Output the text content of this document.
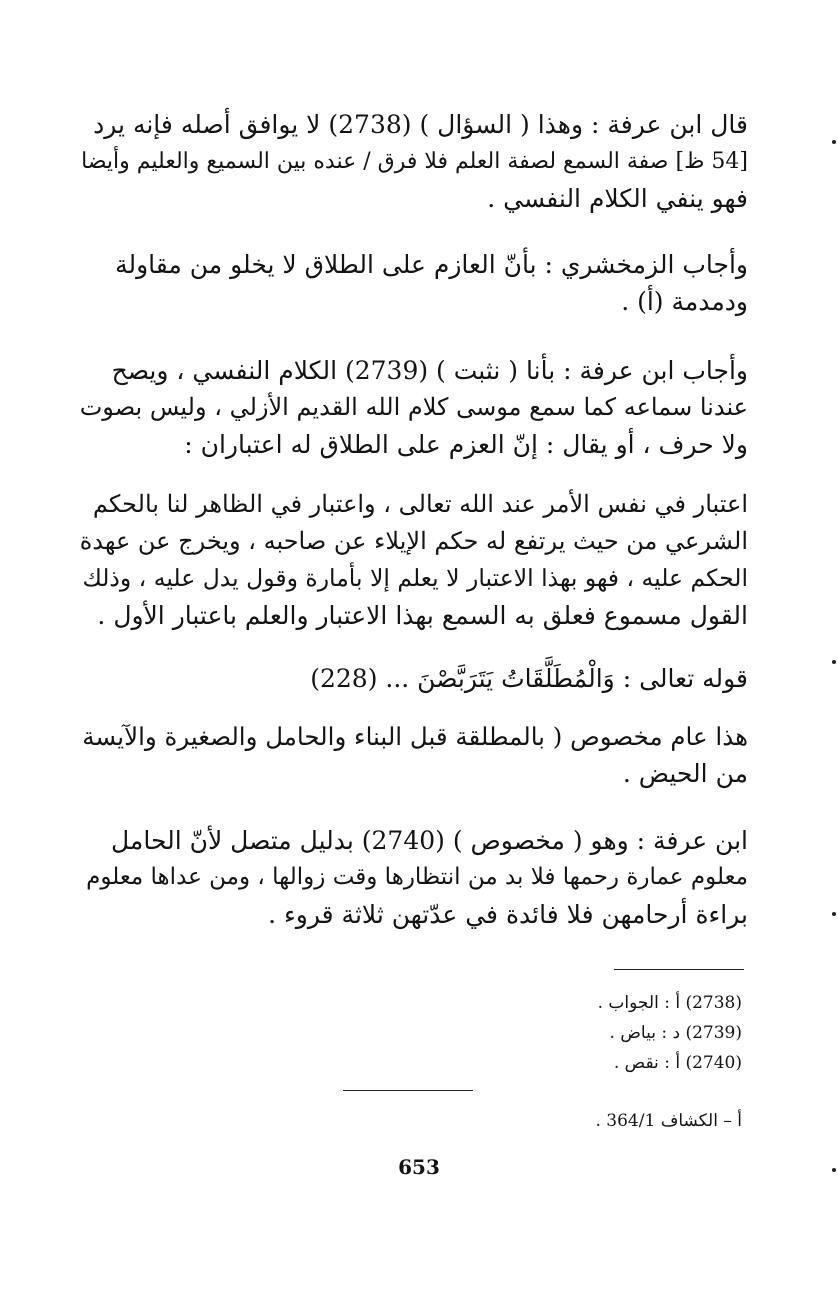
قال ابن عرفة : وهذا ( السؤال ) (2738) لا يوافق أصله فإنه يرد
[54 ظ] صفة السمع لصفة العلم فلا فرق / عنده بين السميع والعليم وأيضا
فهو ينفي الكلام النفسي .
وأجاب الزمخشري : بأنّ العازم على الطلاق لا يخلو من مقاولة
ودمدمة (أ) .
وأجاب ابن عرفة : بأنا ( نثبت ) (2739) الكلام النفسي ، ويصح
عندنا سماعه كما سمع موسى كلام الله القديم الأزلي ، وليس بصوت
ولا حرف ، أو يقال : إنّ العزم على الطلاق له اعتباران :
اعتبار في نفس الأمر عند الله تعالى ، واعتبار في الظاهر لنا بالحكم
الشرعي من حيث يرتفع له حكم الإيلاء عن صاحبه ، ويخرج عن عهدة
الحكم عليه ، فهو بهذا الاعتبار لا يعلم إلا بأمارة وقول يدل عليه ، وذلك
القول مسموع فعلق به السمع بهذا الاعتبار والعلم باعتبار الأول .
قوله تعالى : وَالْمُطَلَّقَاتُ يَتَرَبَّصْنَ ... (228)
هذا عام مخصوص ( بالمطلقة قبل البناء والحامل والصغيرة والآيسة
من الحيض .
ابن عرفة : وهو ( مخصوص ) (2740) بدليل متصل لأنّ الحامل
معلوم عمارة رحمها فلا بد من انتظارها وقت زوالها ، ومن عداها معلوم
براءة أرحامهن فلا فائدة في عدّتهن ثلاثة قروء .
(2738) أ : الجواب .
(2739) د : بياض .
(2740) أ : نقص .
أ – الكشاف 364/1 .
653
